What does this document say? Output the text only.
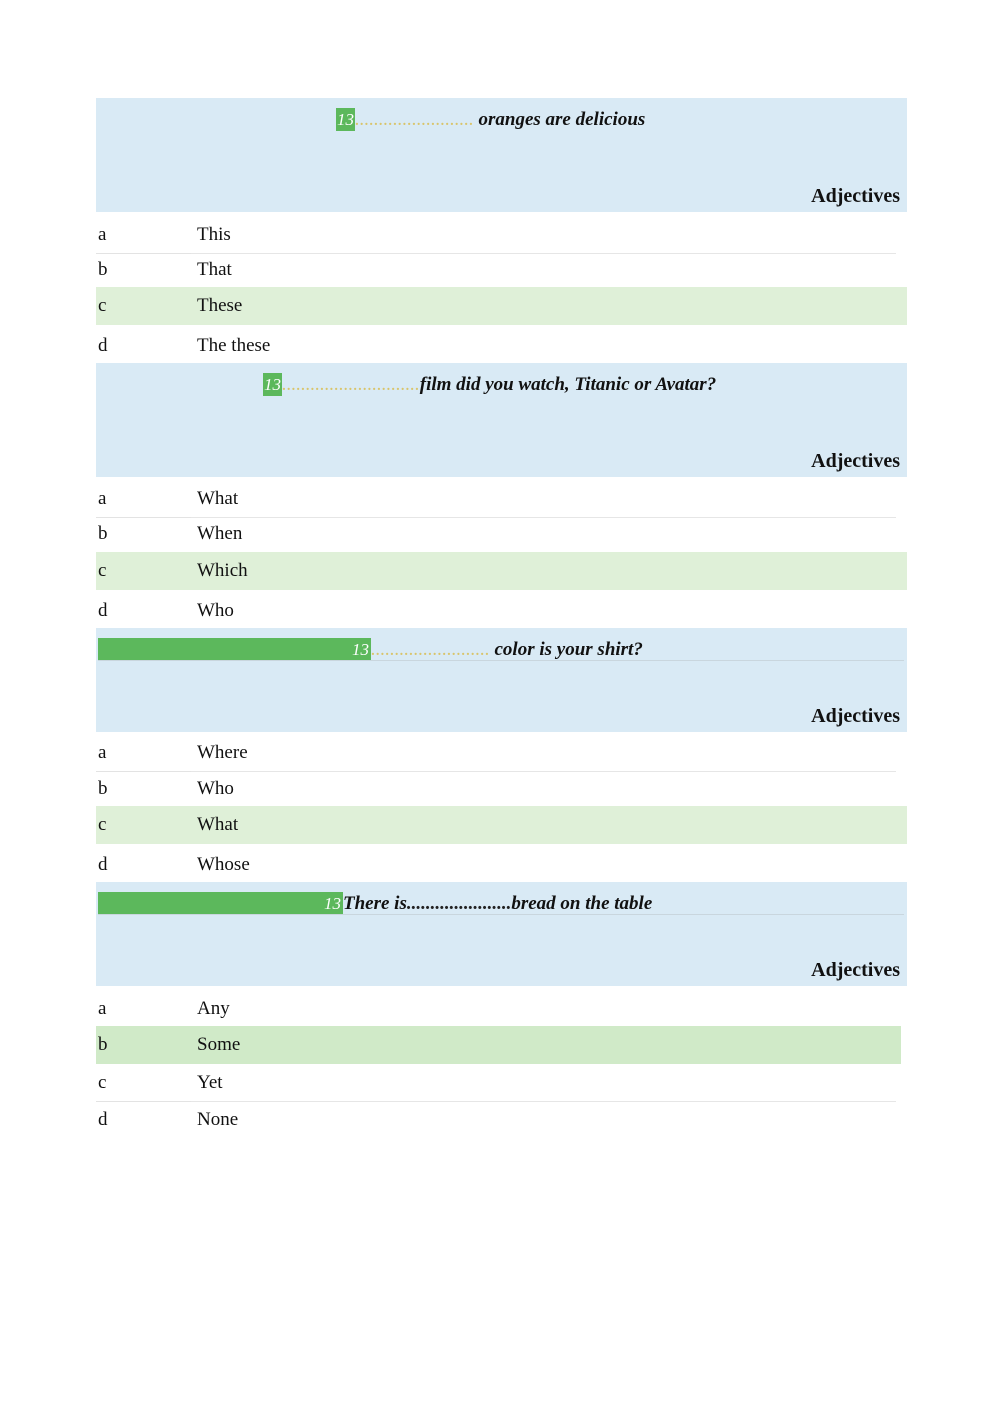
13......................... oranges are delicious
Adjectives
a	This
b	That
c	These
d	The these
13.............................film did you watch, Titanic or Avatar?
Adjectives
a	What
b	When
c	Which
d	Who
13 ......................... color is your shirt?
Adjectives
a	Where
b	Who
c	What
d	Whose
13 There is......................bread on the table
Adjectives
a	Any
b	Some
c	Yet
d	None
